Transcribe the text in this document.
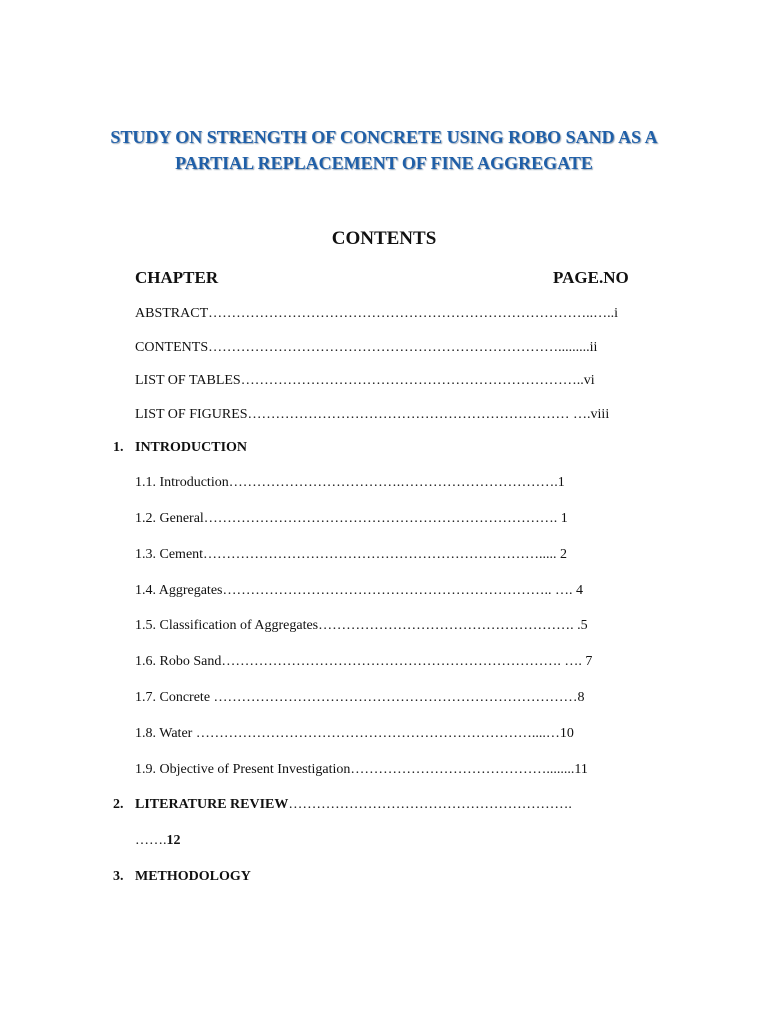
STUDY ON STRENGTH OF CONCRETE USING ROBO SAND AS A
PARTIAL REPLACEMENT OF FINE AGGREGATE
CONTENTS
CHAPTER	PAGE.NO
ABSTRACT………………………………………………………………………..…..i
CONTENTS………………………………………………………………….........ii
LIST OF TABLES………………………………………………………………..vi
LIST OF FIGURES…………………………………………………………… ….viii
1. INTRODUCTION
1.1. Introduction……………………………….…………………………….1
1.2. General…………………………………………………………………. 1
1.3. Cement………………………………………………………………..... 2
1.4. Aggregates…………………………………………………………….. …. 4
1.5. Classification of Aggregates………………………………………………. .5
1.6. Robo Sand………………………………………………………………. …. 7
1.7. Concrete ……………………………………………………………………8
1.8. Water ………………………………………………………………....…10
1.9. Objective of Present Investigation……………………………………........11
2. LITERATURE REVIEW…………………………………………………….
…….12
3. METHODOLOGY
